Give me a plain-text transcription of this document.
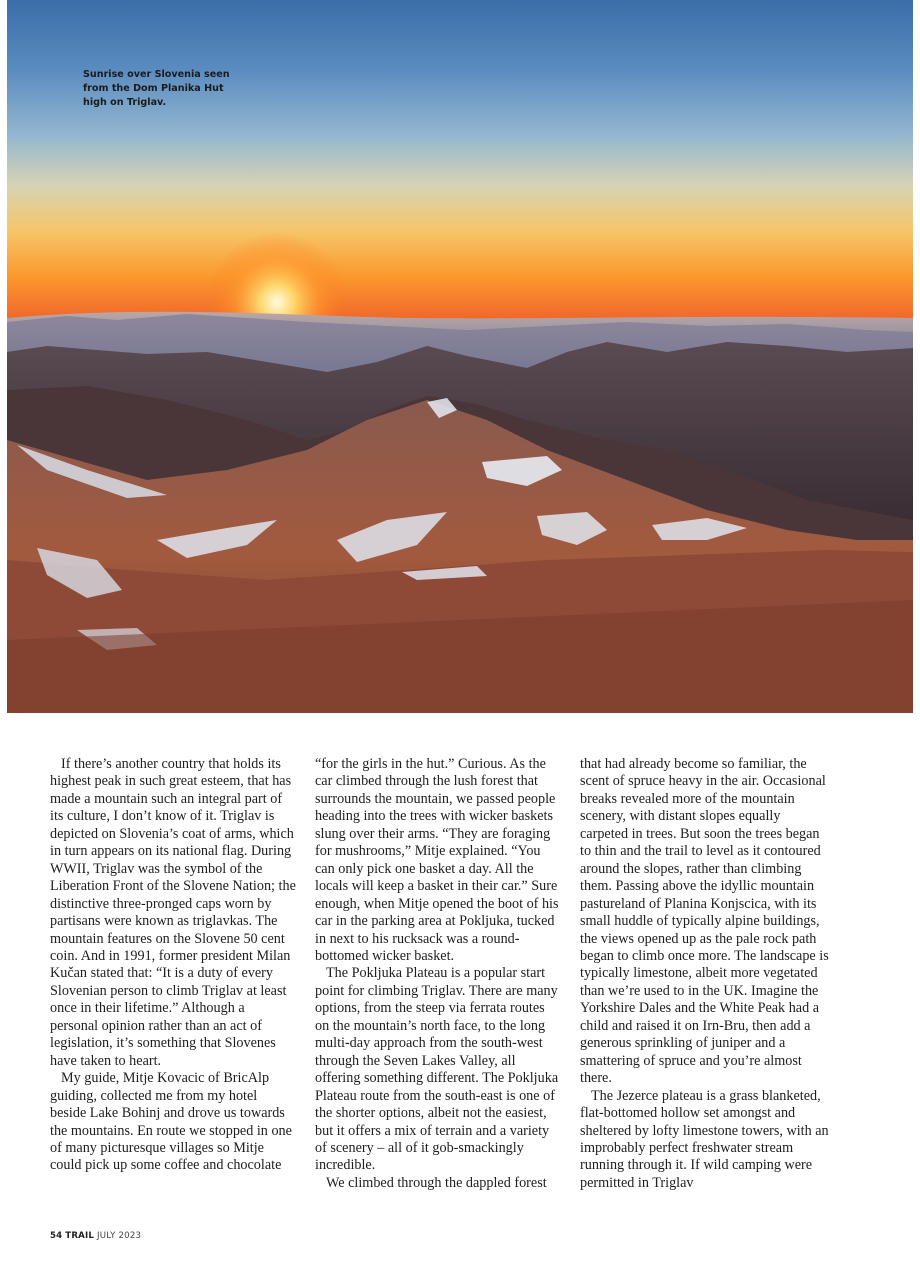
Sunrise over Slovenia seen from the Dom Planika Hut high on Triglav.

If there’s another country that holds its highest peak in such great esteem, that has made a mountain such an integral part of its culture, I don’t know of it. Triglav is depicted on Slovenia’s coat of arms, which in turn appears on its national flag. During WWII, Triglav was the symbol of the Liberation Front of the Slovene Nation; the distinctive three-pronged caps worn by partisans were known as triglavkas. The mountain features on the Slovene 50 cent coin. And in 1991, former president Milan Kučan stated that: “It is a duty of every Slovenian person to climb Triglav at least once in their lifetime.” Although a personal opinion rather than an act of legislation, it’s something that Slovenes have taken to heart.

My guide, Mitje Kovacic of BricAlp guiding, collected me from my hotel beside Lake Bohinj and drove us towards the mountains. En route we stopped in one of many picturesque villages so Mitje could pick up some coffee and chocolate

“for the girls in the hut.” Curious. As the car climbed through the lush forest that surrounds the mountain, we passed people heading into the trees with wicker baskets slung over their arms. “They are foraging for mushrooms,” Mitje explained. “You can only pick one basket a day. All the locals will keep a basket in their car.” Sure enough, when Mitje opened the boot of his car in the parking area at Pokljuka, tucked in next to his rucksack was a round-bottomed wicker basket.

The Pokljuka Plateau is a popular start point for climbing Triglav. There are many options, from the steep via ferrata routes on the mountain’s north face, to the long multi-day approach from the south-west through the Seven Lakes Valley, all offering something different. The Pokljuka Plateau route from the south-east is one of the shorter options, albeit not the easiest, but it offers a mix of terrain and a variety of scenery – all of it gob-smackingly incredible.

We climbed through the dappled forest

that had already become so familiar, the scent of spruce heavy in the air. Occasional breaks revealed more of the mountain scenery, with distant slopes equally carpeted in trees. But soon the trees began to thin and the trail to level as it contoured around the slopes, rather than climbing them. Passing above the idyllic mountain pastureland of Planina Konjscica, with its small huddle of typically alpine buildings, the views opened up as the pale rock path began to climb once more. The landscape is typically limestone, albeit more vegetated than we’re used to in the UK. Imagine the Yorkshire Dales and the White Peak had a child and raised it on Irn-Bru, then add a generous sprinkling of juniper and a smattering of spruce and you’re almost there.

The Jezerce plateau is a grass blanketed, flat-bottomed hollow set amongst and sheltered by lofty limestone towers, with an improbably perfect freshwater stream running through it. If wild camping were permitted in Triglav

54 TRAIL JULY 2023
